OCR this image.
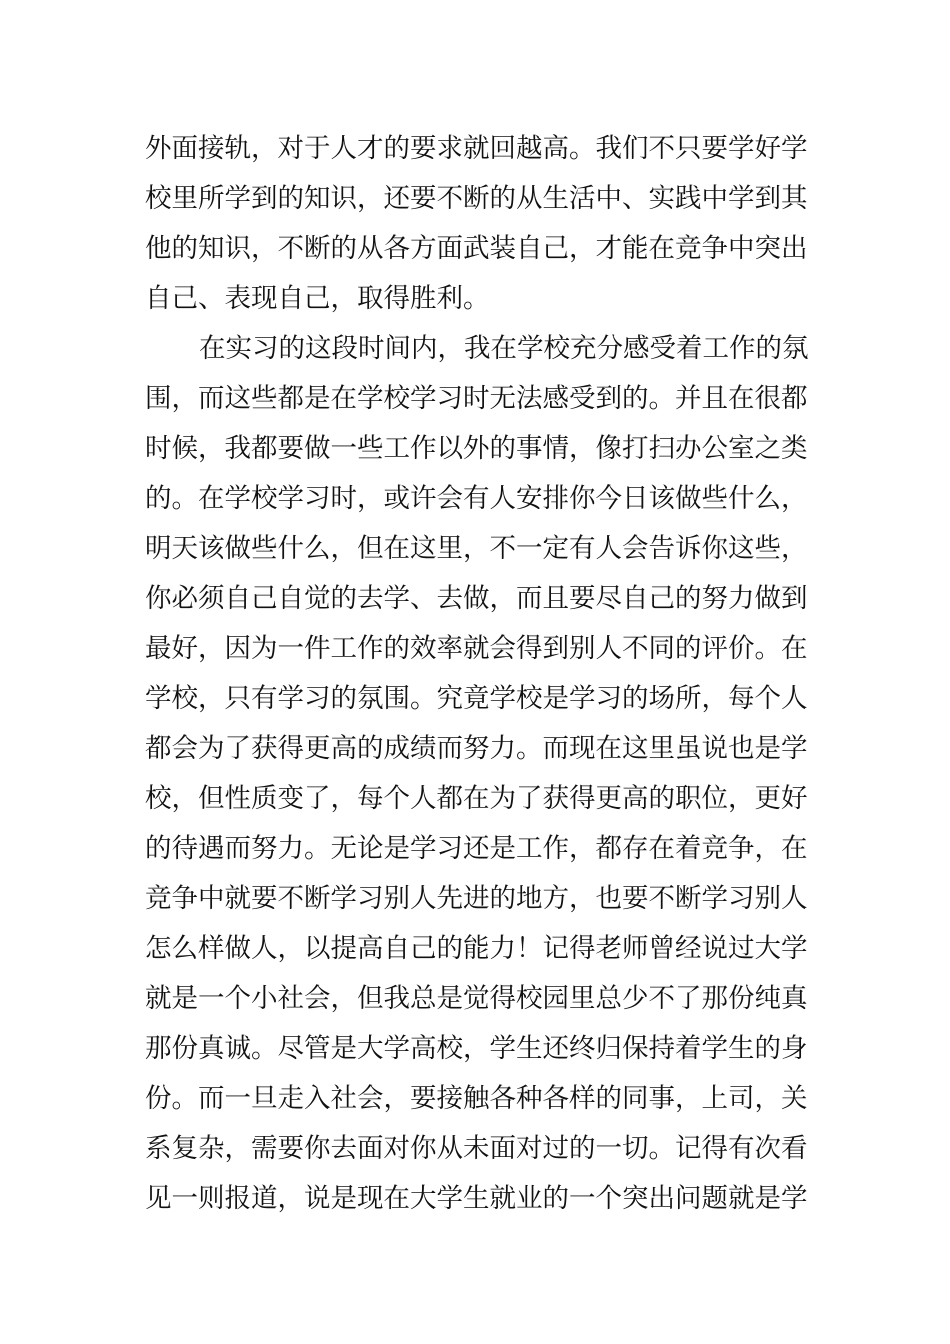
外面接轨，对于人才的要求就回越高。我们不只要学好学
校里所学到的知识，还要不断的从生活中、实践中学到其
他的知识，不断的从各方面武装自己，才能在竞争中突出
自己、表现自己，取得胜利。
在实习的这段时间内，我在学校充分感受着工作的氛
围，而这些都是在学校学习时无法感受到的。并且在很都
时候，我都要做一些工作以外的事情，像打扫办公室之类
的。在学校学习时，或许会有人安排你今日该做些什么，
明天该做些什么，但在这里，不一定有人会告诉你这些，
你必须自己自觉的去学、去做，而且要尽自己的努力做到
最好，因为一件工作的效率就会得到别人不同的评价。在
学校，只有学习的氛围。究竟学校是学习的场所，每个人
都会为了获得更高的成绩而努力。而现在这里虽说也是学
校，但性质变了，每个人都在为了获得更高的职位，更好
的待遇而努力。无论是学习还是工作，都存在着竞争，在
竞争中就要不断学习别人先进的地方，也要不断学习别人
怎么样做人，以提高自己的能力！记得老师曾经说过大学
就是一个小社会，但我总是觉得校园里总少不了那份纯真
那份真诚。尽管是大学高校，学生还终归保持着学生的身
份。而一旦走入社会，要接触各种各样的同事，上司，关
系复杂，需要你去面对你从未面对过的一切。记得有次看
见一则报道，说是现在大学生就业的一个突出问题就是学
